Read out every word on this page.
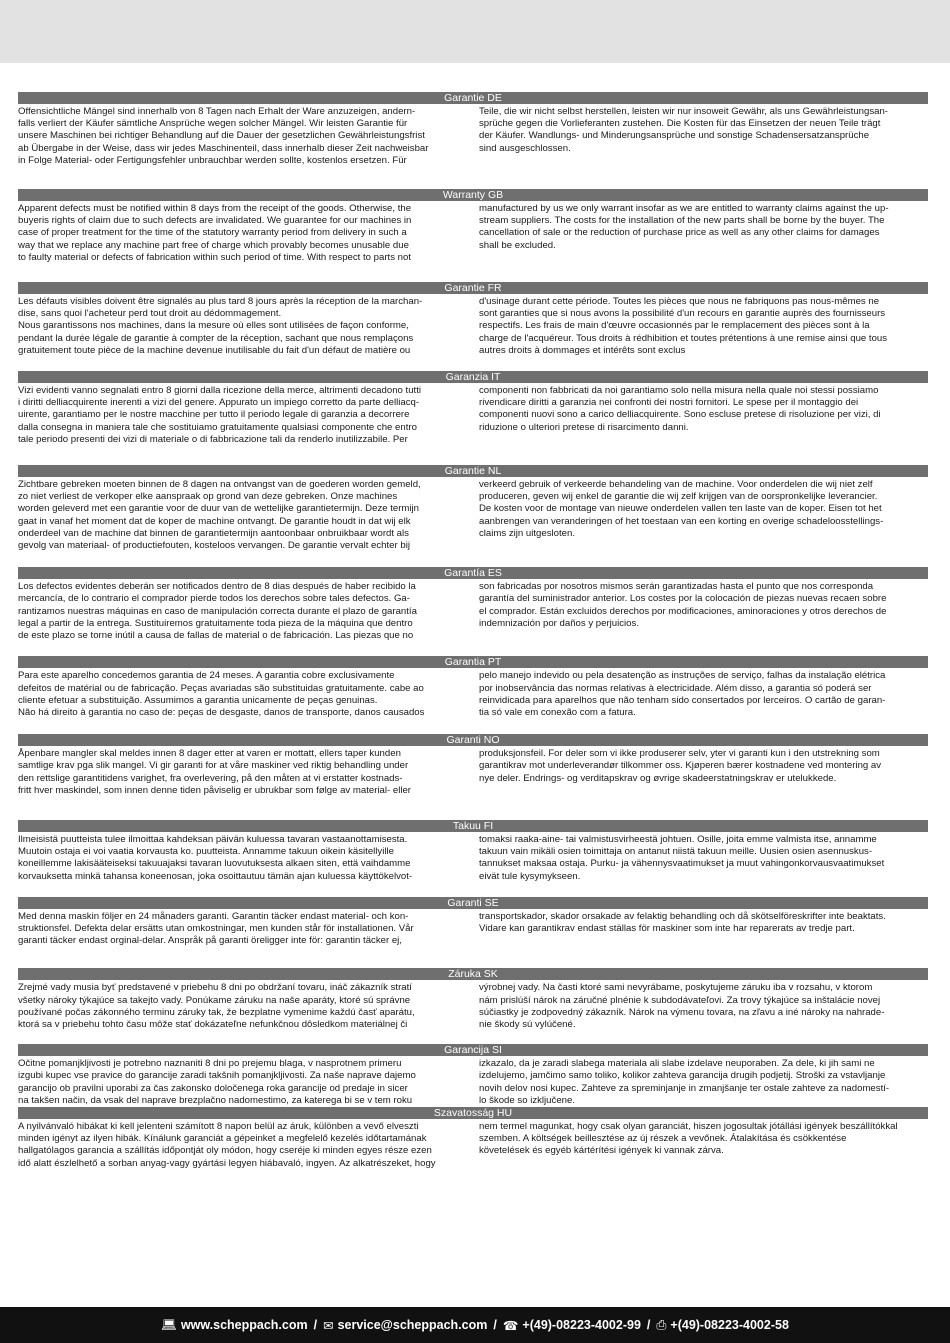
Garantie DE
Offensichtliche Mängel sind innerhalb von 8 Tagen nach Erhalt der Ware anzuzeigen, andern-
falls verliert der Käufer sämtliche Ansprüche wegen solcher Mängel. Wir leisten Garantie für
unsere Maschinen bei richtiger Behandlung auf die Dauer der gesetzlichen Gewährleistungsfrist
ab Übergabe in der Weise, dass wir jedes Maschinenteil, dass innerhalb dieser Zeit nachweisbar
in Folge Material- oder Fertigungsfehler unbrauchbar werden sollte, kostenlos ersetzen. Für
Teile, die wir nicht selbst herstellen, leisten wir nur insoweit Gewähr, als uns Gewährleistungsan-
sprüche gegen die Vorlieferanten zustehen. Die Kosten für das Einsetzen der neuen Teile trägt
der Käufer. Wandlungs- und Minderungsansprüche und sonstige Schadensersatzansprüche
sind ausgeschlossen.
Warranty GB
Apparent defects must be notified within 8 days from the receipt of the goods. Otherwise, the
buyeris rights of claim due to such defects are invalidated. We guarantee for our machines in
case of proper treatment for the time of the statutory warranty period from delivery in such a
way that we replace any machine part free of charge which provably becomes unusable due
to faulty material or defects of fabrication within such period of time. With respect to parts not
manufactured by us we only warrant insofar as we are entitled to warranty claims against the up-
stream suppliers. The costs for the installation of the new parts shall be borne by the buyer. The
cancellation of sale or the reduction of purchase price as well as any other claims for damages
shall be excluded.
Garantie FR
Les défauts visibles doivent être signalés au plus tard 8 jours après la réception de la marchan-
dise, sans quoi l'acheteur perd tout droit au dédommagement.
Nous garantissons nos machines, dans la mesure où elles sont utilisées de façon conforme,
pendant la durée légale de garantie à compter de la réception, sachant que nous remplaçons
gratuitement toute pièce de la machine devenue inutilisable du fait d'un défaut de matière ou
d'usinage durant cette période. Toutes les pièces que nous ne fabriquons pas nous-mêmes ne
sont garanties que si nous avons la possibilité d'un recours en garantie auprès des fournisseurs
respectifs. Les frais de main d'œuvre occasionnés par le remplacement des pièces sont à la
charge de l'acquéreur. Tous droits à rédhibition et toutes prétentions à une remise ainsi que tous
autres droits à dommages et intérêts sont exclus
Garanzia IT
Vizi evidenti vanno segnalati entro 8 giorni dalla ricezione della merce, altrimenti decadono tutti
i diritti delliacquirente inerenti a vizi del genere. Appurato un impiego corretto da parte delliacq-
uirente, garantiamo per le nostre macchine per tutto il periodo legale di garanzia a decorrere
dalla consegna in maniera tale che sostituiamo gratuitamente qualsiasi componente che entro
tale periodo presenti dei vizi di materiale o di fabbricazione tali da renderlo inutilizzabile. Per
componenti non fabbricati da noi garantiamo solo nella misura nella quale noi stessi possiamo
rivendicare diritti a garanzia nei confronti dei nostri fornitori. Le spese per il montaggio dei
componenti nuovi sono a carico delliacquirente. Sono escluse pretese di risoluzione per vizi, di
riduzione o ulteriori pretese di risarcimento danni.
Garantie NL
Zichtbare gebreken moeten binnen de 8 dagen na ontvangst van de goederen worden gemeld,
zo niet verliest de verkoper elke aanspraak op grond van deze gebreken. Onze machines
worden geleverd met een garantie voor de duur van de wettelijke garantietermijn. Deze termijn
gaat in vanaf het moment dat de koper de machine ontvangt. De garantie houdt in dat wij elk
onderdeel van de machine dat binnen de garantietermijn aantoonbaar onbruikbaar wordt als
gevolg van materiaal- of productiefouten, kosteloos vervangen. De garantie vervalt echter bij
verkeerd gebruik of verkeerde behandeling van de machine. Voor onderdelen die wij niet zelf
produceren, geven wij enkel de garantie die wij zelf krijgen van de oorspronkelijke leverancier.
De kosten voor de montage van nieuwe onderdelen vallen ten laste van de koper. Eisen tot het
aanbrengen van veranderingen of het toestaan van een korting en overige schadeloosstellings-
claims zijn uitgesloten.
Garantía ES
Los defectos evidentes deberán ser notificados dentro de 8 dias después de haber recibido la
mercancía, de lo contrario el comprador pierde todos los derechos sobre tales defectos. Ga-
rantizamos nuestras máquinas en caso de manipulación correcta durante el plazo de garantía
legal a partir de la entrega. Sustituiremos gratuitamente toda pieza de la máquina que dentro
de este plazo se torne inútil a causa de fallas de material o de fabricación. Las piezas que no
son fabricadas por nosotros mismos serán garantizadas hasta el punto que nos corresponda
garantía del suministrador anterior. Los costes por la colocación de piezas nuevas recaen sobre
el comprador. Están excluidos derechos por modificaciones, aminoraciones y otros derechos de
indemnización por daños y perjuicios.
Garantia PT
Para este aparelho concedemos garantia de 24 meses. A garantia cobre exclusivamente
defeitos de matérial ou de fabricação. Peças avariadas são substituidas gratuitamente. cabe ao
cliente efetuar a substituição. Assumimos a garantia unicamente de peças genuinas.
Não há direito à garantia no caso de: peças de desgaste, danos de transporte, danos causados
pelo manejo indevido ou pela desatenção as instruções de serviço, falhas da instalação elétrica
por inobservância das normas relativas à electricidade. Além disso, a garantia só poderá ser
reinvidicada para aparelhos que não tenham sido consertados por lerceiros. O cartão de garan-
tia só vale em conexão com a fatura.
Garanti NO
Åpenbare mangler skal meldes innen 8 dager etter at varen er mottatt, ellers taper kunden
samtlige krav pga slik mangel. Vi gir garanti for at våre maskiner ved riktig behandling under
den rettslige garantitidens varighet, fra overlevering, på den måten at vi erstatter kostnads-
fritt hver maskindel, som innen denne tiden påviselig er ubrukbar som følge av material- eller
produksjonsfeil. For deler som vi ikke produserer selv, yter vi garanti kun i den utstrekning som
garantikrav mot underleverandør tilkommer oss. Kjøperen bærer kostnadene ved montering av
nye deler. Endrings- og verditapskrav og øvrige skadeerstatningskrav er utelukkede.
Takuu FI
Ilmeisistä puutteista tulee ilmoittaa kahdeksan päivän kuluessa tavaran vastaanottamisesta.
Muutoin ostaja ei voi vaatia korvausta ko. puutteista. Annamme takuun oikein käsitellyille
koneillemme lakisääteiseksi takuuajaksi tavaran luovutuksesta alkaen siten, että vaihdamme
korvauksetta minkä tahansa koneenosan, joka osoittautuu tämän ajan kuluessa käyttökelvot-
tomaksi raaka-aine- tai valmistusvirheestä johtuen. Osille, joita emme valmista itse, annamme
takuun vain mikäli osien toimittaja on antanut niistä takuun meille. Uusien osien asennuskus-
tannukset maksaa ostaja. Purku- ja vähennysvaatimukset ja muut vahingonkorvausvaatimukset
eivät tule kysymykseen.
Garanti SE
Med denna maskin följer en 24 månaders garanti. Garantin täcker endast material- och kon-
struktionsfel. Defekta delar ersätts utan omkostningar, men kunden står för installationen. Vår
garanti täcker endast orginal-delar. Anspråk på garanti öreligger inte för: garantin täcker ej,
transportskador, skador orsakade av felaktig behandling och då skötselföreskrifter inte beaktats.
Vidare kan garantikrav endast ställas för maskiner som inte har reparerats av tredje part.
Záruka SK
Zrejmé vady musia byť predstavené v priebehu 8 dni po obdržaní tovaru, ináč zákazník stratí
všetky nároky týkajúce sa takejto vady. Ponúkame záruku na naše aparáty, ktoré sú správne
používané počas zákonného terminu záruky tak, že bezplatne vymenime každú časť aparátu,
ktorá sa v priebehu tohto času môže stať dokázateľne nefunkčnou dôsledkom materiálnej či
výrobnej vady. Na časti ktoré sami nevyrábame, poskytujeme záruku iba v rozsahu, v ktorom
nám prislúší nárok na záručné plnénie k subdodávateľovi. Za trovy týkajúce sa inštalácie novej
súčiastky je zodpovedný zákazník. Nárok na výmenu tovara, na zľavu a iné nároky na nahrade-
nie škody sú vylúčené.
Garancija SI
Očitne pomanjkljivosti je potrebno naznaniti 8 dni po prejemu blaga, v nasprotnem primeru
izgubi kupec vse pravice do garancije zaradi takšnih pomanjkljivosti. Za naše naprave dajemo
garancijo ob pravilni uporabi za čas zakonsko določenega roka garancije od predaje in sicer
na takšen način, da vsak del naprave brezplačno nadomestimo, za katerega bi se v tem roku
izkazalo, da je zaradi slabega materiala ali slabe izdelave neuporaben. Za dele, ki jih sami ne
izdelujemo, jamčimo samo toliko, kolikor zahteva garancija drugih podjetij. Stroški za vstavljanje
novih delov nosi kupec. Zahteve za spreminjanje in zmanjšanje ter ostale zahteve za nadomestí-
lo škode so izključene.
Szavatosság HU
A nyilvánvaló hibákat ki kell jelenteni számított 8 napon belül az áruk, különben a vevő elveszti
minden igényt az ilyen hibák. Kínálunk garanciát a gépeinket a megfelelő kezelés időtartamának
hallgatólagos garancia a szállítás időpontját oly módon, hogy cseréje ki minden egyes része ezen
idő alatt észlelhető a sorban anyag-vagy gyártási legyen hiábavaló, ingyen. Az alkatrészeket, hogy
nem termel magunkat, hogy csak olyan garanciát, hiszen jogosultak jótállási igények beszállítókkal
szemben. A költségek beillesztése az új részek a vevőnek. Átalakítása és csökkentése
követelések és egyéb kártérítési igények ki vannak zárva.
💻︎ www.scheppach.com / ✉ service@scheppach.com / ☎ +(49)-08223-4002-99 / ⎙ +(49)-08223-4002-58
